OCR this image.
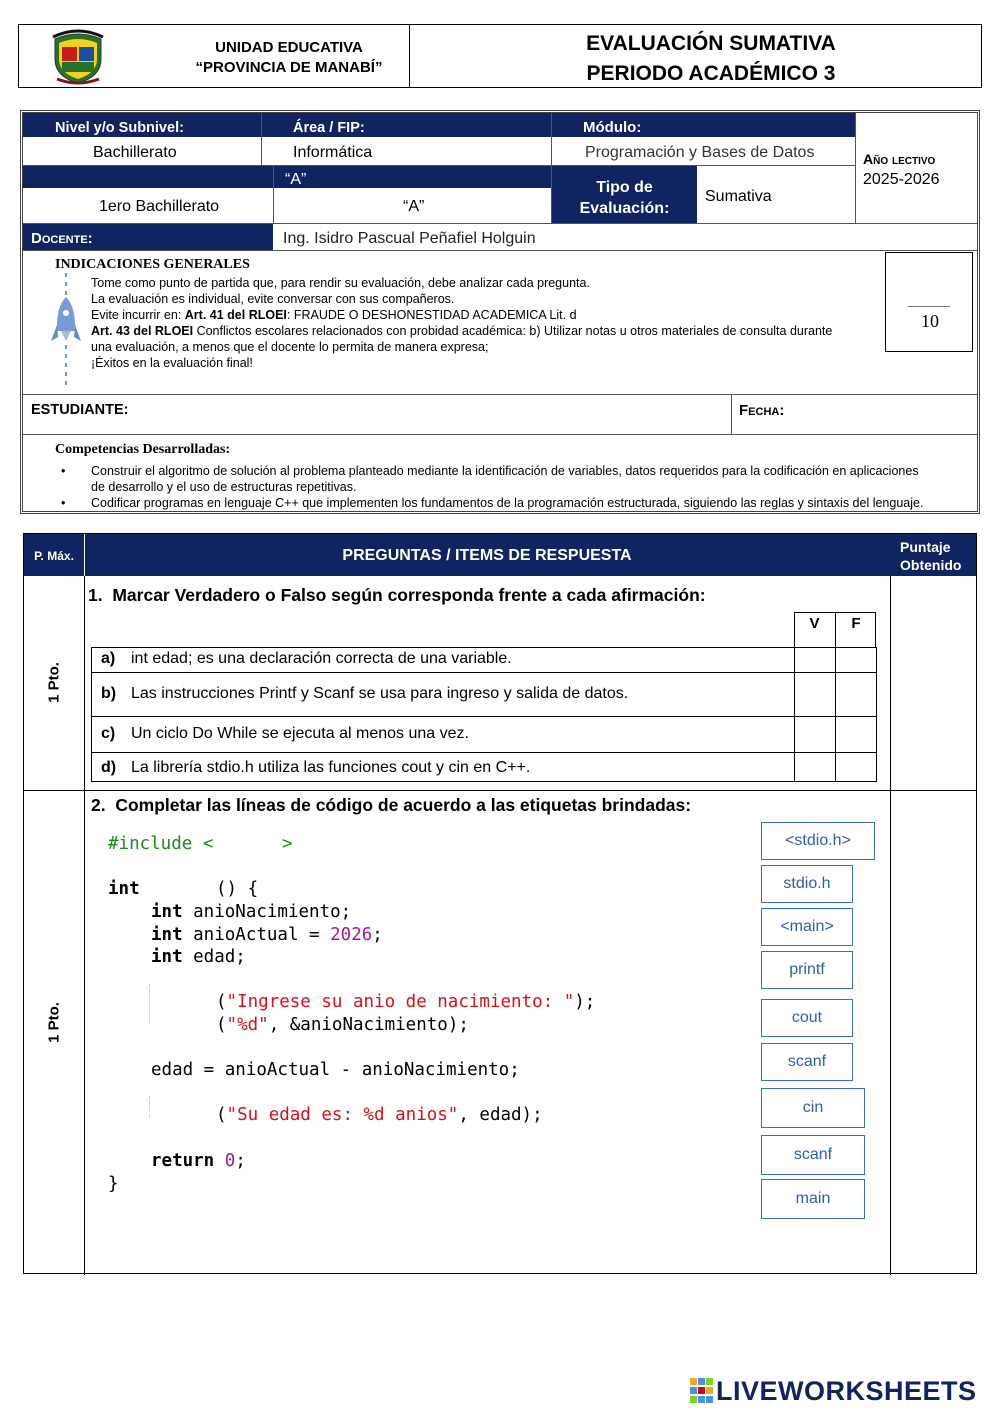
UNIDAD EDUCATIVA
“PROVINCIA DE MANABÍ”
EVALUACIÓN SUMATIVA
PERIODO ACADÉMICO 3
Nivel y/o Subnivel:	Área / FIP:	Módulo:
Bachillerato	Informática	Programación y Bases de Datos	Año lectivo
2025-2026
“A”	Tipo de
Evaluación:
Sumativa
1ero Bachillerato	“A”
Docente:	Ing. Isidro Pascual Peñafiel Holguin
INDICACIONES GENERALES
Tome como punto de partida que, para rendir su evaluación, debe analizar cada pregunta.
La evaluación es individual, evite conversar con sus compañeros.
Evite incurrir en: Art. 41 del RLOEI: FRAUDE O DESHONESTIDAD ACADEMICA Lit. d
Art. 43 del RLOEI Conflictos escolares relacionados con probidad académica: b) Utilizar notas u otros materiales de consulta durante
una evaluación, a menos que el docente lo permita de manera expresa;
¡Éxitos en la evaluación final!
10
ESTUDIANTE:	Fecha:
Competencias Desarrolladas:
• Construir el algoritmo de solución al problema planteado mediante la identificación de variables, datos requeridos para la codificación en aplicaciones
de desarrollo y el uso de estructuras repetitivas.
• Codificar programas en lenguaje C++ que implementen los fundamentos de la programación estructurada, siguiendo las reglas y sintaxis del lenguaje.
P. Máx.	PREGUNTAS / ITEMS DE RESPUESTA	Puntaje
Obtenido
1 Pto.
1. Marcar Verdadero o Falso según corresponda frente a cada afirmación:
V	F
a) int edad; es una declaración correcta de una variable.
b) Las instrucciones Printf y Scanf se usa para ingreso y salida de datos.
c) Un ciclo Do While se ejecuta al menos una vez.
d) La librería stdio.h utiliza las funciones cout y cin en C++.
1 Pto.
2. Completar las líneas de código de acuerdo a las etiquetas brindadas:
#include <	>
int	() {
int anioNacimiento;
int anioActual = 2026;
int edad;
("Ingrese su anio de nacimiento: ");
("%d", &anioNacimiento);
edad = anioActual - anioNacimiento;
("Su edad es: %d anios", edad);
return 0;
}
<stdio.h>
stdio.h
<main>
printf
cout
scanf
cin
scanf
main
LIVEWORKSHEETS
